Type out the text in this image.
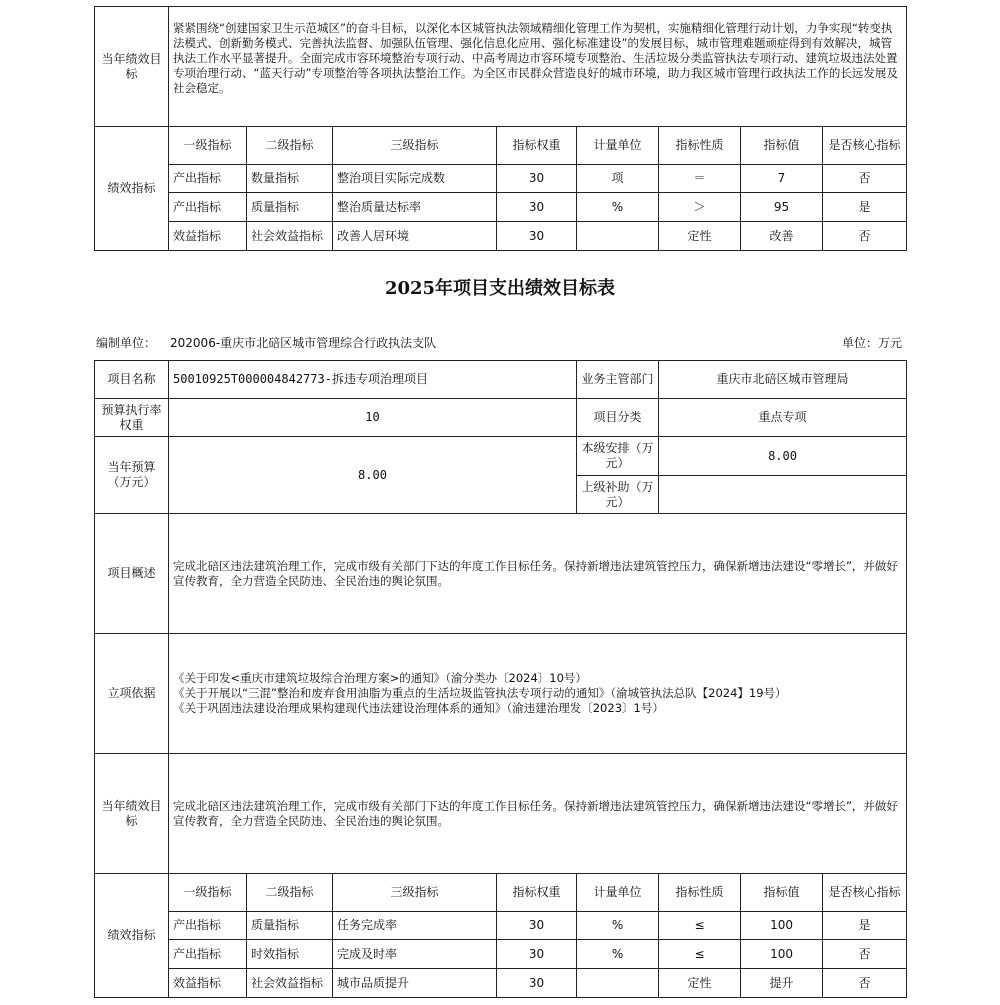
当年绩效目标	紧紧围绕“创建国家卫生示范城区”的奋斗目标，以深化本区城管执法领域精细化管理工作为契机，实施精细化管理行动计划，力争实现“转变执法模式、创新勤务模式、完善执法监督、加强队伍管理、强化信息化应用、强化标准建设”的发展目标，城市管理难题顽症得到有效解决，城管执法工作水平显著提升。全面完成市容环境整治专项行动、中高考周边市容环境专项整治、生活垃圾分类监管执法专项行动、建筑垃圾违法处置专项治理行动、“蓝天行动”专项整治等各项执法整治工作。为全区市民群众营造良好的城市环境，助力我区城市管理行政执法工作的长远发展及社会稳定。							
绩效指标	一级指标	二级指标	三级指标	指标权重	计量单位	指标性质	指标值	是否核心指标
	产出指标	数量指标	整治项目实际完成数	30	项	＝	7	否
	产出指标	质量指标	整治质量达标率	30	%	＞	95	是
	效益指标	社会效益指标	改善人居环境	30		定性	改善	否
2025年项目支出绩效目标表
编制单位： 202006-重庆市北碚区城市管理综合行政执法支队	单位：万元
项目名称	50010925T000004842773-拆违专项治理项目				业务主管部门	重庆市北碚区城市管理局		
预算执行率权重	10				项目分类	重点专项		
当年预算（万元）	8.00				本级安排（万元）	8.00		
					上级补助（万元）			
项目概述	完成北碚区违法建筑治理工作，完成市级有关部门下达的年度工作目标任务。保持新增违法建筑管控压力，确保新增违法建设“零增长”，并做好宣传教育，全力营造全民防违、全民治违的舆论氛围。							
立项依据	《关于印发<重庆市建筑垃圾综合治理方案>的通知》（渝分类办〔2024〕10号）
《关于开展以“三混”整治和废弃食用油脂为重点的生活垃圾监管执法专项行动的通知》（渝城管执法总队【2024】19号）
《关于巩固违法建设治理成果构建现代违法建设治理体系的通知》（渝违建治理发〔2023〕1号）							

当年绩效目标	完成北碚区违法建筑治理工作，完成市级有关部门下达的年度工作目标任务。保持新增违法建筑管控压力，确保新增违法建设“零增长”，并做好宣传教育，全力营造全民防违、全民治违的舆论氛围。							
绩效指标	一级指标	二级指标	三级指标	指标权重	计量单位	指标性质	指标值	是否核心指标
	产出指标	质量指标	任务完成率	30	%	≤	100	是
	产出指标	时效指标	完成及时率	30	%	≤	100	否
	效益指标	社会效益指标	城市品质提升	30		定性	提升	否
